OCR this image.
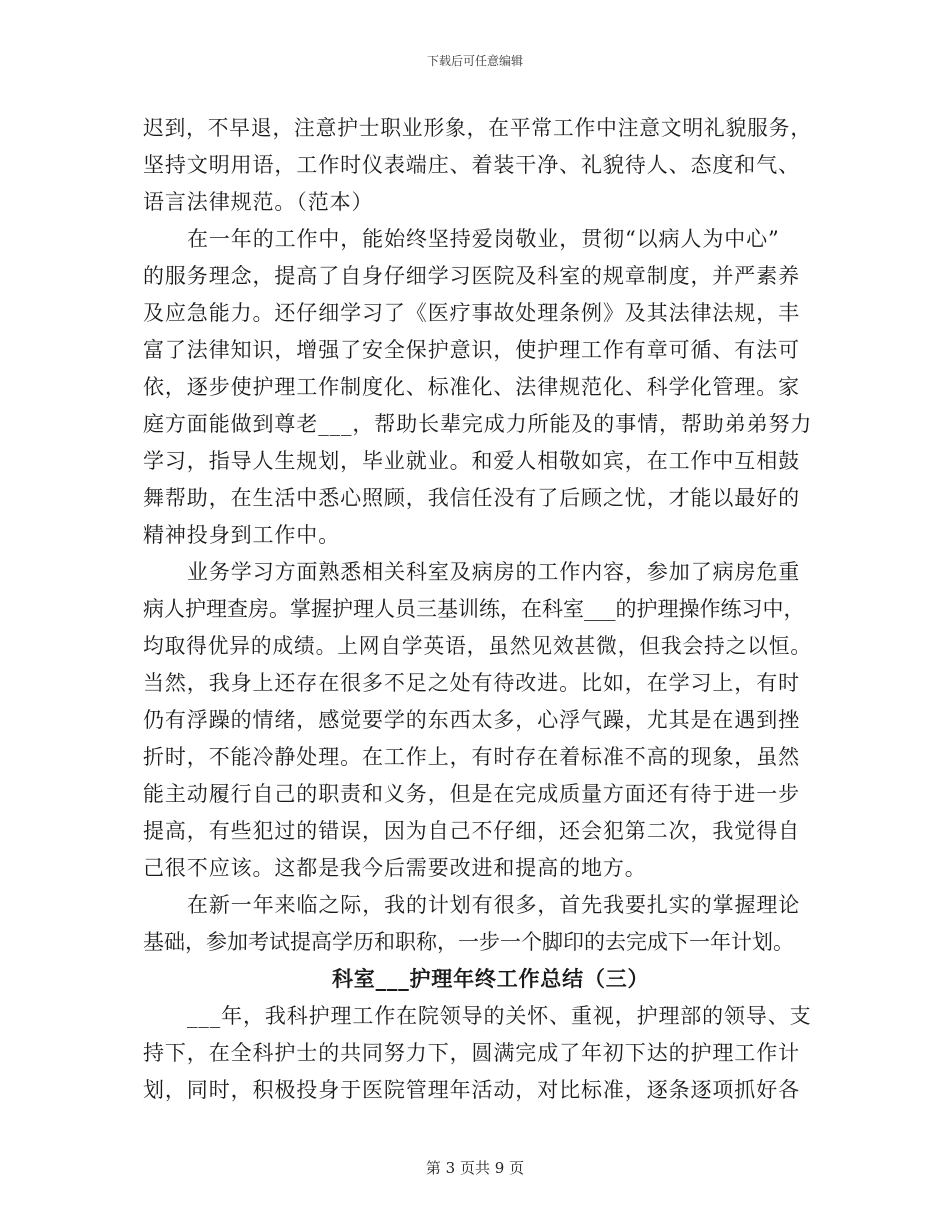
下载后可任意编辑
迟到，不早退，注意护士职业形象，在平常工作中注意文明礼貌服务，
坚持文明用语，工作时仪表端庄、着装干净、礼貌待人、态度和气、
语言法律规范。（范本）
在一年的工作中，能始终坚持爱岗敬业，贯彻“以病人为中心”
的服务理念，提高了自身仔细学习医院及科室的规章制度，并严素养
及应急能力。还仔细学习了《医疗事故处理条例》及其法律法规，丰
富了法律知识，增强了安全保护意识，使护理工作有章可循、有法可
依，逐步使护理工作制度化、标准化、法律规范化、科学化管理。家
庭方面能做到尊老___，帮助长辈完成力所能及的事情，帮助弟弟努力
学习，指导人生规划，毕业就业。和爱人相敬如宾，在工作中互相鼓
舞帮助，在生活中悉心照顾，我信任没有了后顾之忧，才能以最好的
精神投身到工作中。
业务学习方面熟悉相关科室及病房的工作内容，参加了病房危重
病人护理查房。掌握护理人员三基训练，在科室___的护理操作练习中，
均取得优异的成绩。上网自学英语，虽然见效甚微，但我会持之以恒。
当然，我身上还存在很多不足之处有待改进。比如，在学习上，有时
仍有浮躁的情绪，感觉要学的东西太多，心浮气躁，尤其是在遇到挫
折时，不能冷静处理。在工作上，有时存在着标准不高的现象，虽然
能主动履行自己的职责和义务，但是在完成质量方面还有待于进一步
提高，有些犯过的错误，因为自己不仔细，还会犯第二次，我觉得自
己很不应该。这都是我今后需要改进和提高的地方。
在新一年来临之际，我的计划有很多，首先我要扎实的掌握理论
基础，参加考试提高学历和职称，一步一个脚印的去完成下一年计划。
科室___护理年终工作总结（三）
___年，我科护理工作在院领导的关怀、重视，护理部的领导、支
持下，在全科护士的共同努力下，圆满完成了年初下达的护理工作计
划，同时，积极投身于医院管理年活动，对比标准，逐条逐项抓好各
第 3 页共 9 页
